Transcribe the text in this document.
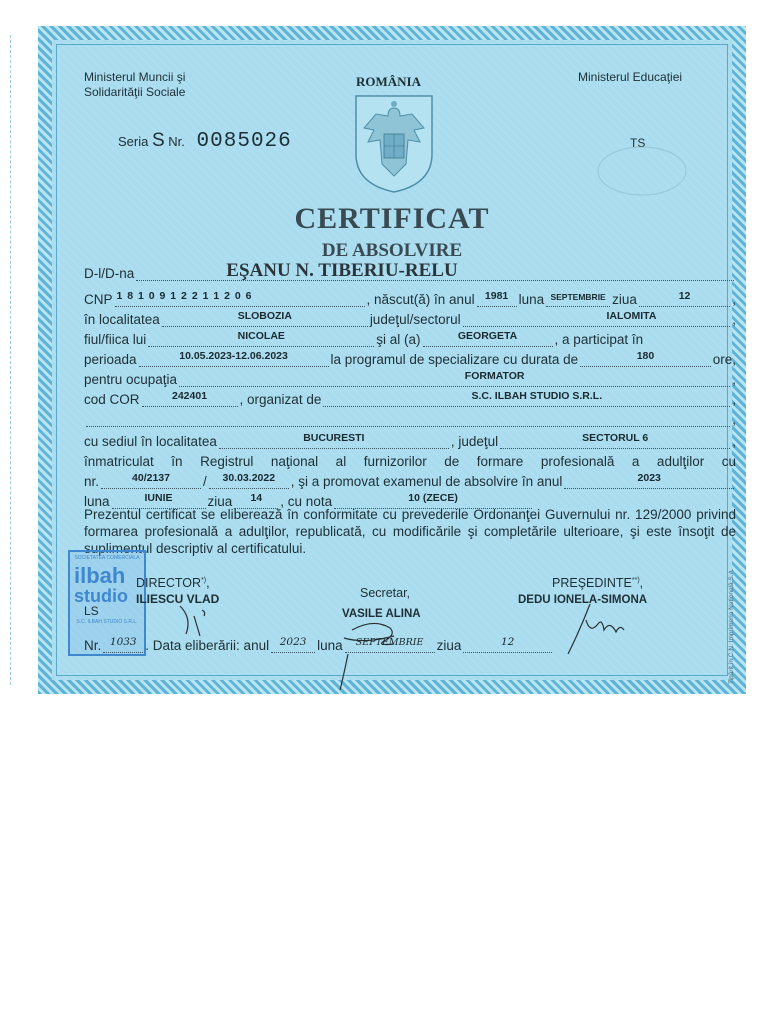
Ministerul Muncii şi
Solidarităţii Sociale
ROMÂNIA	Ministerul Educaţiei
Seria S Nr. 0085026	TS
CERTIFICAT
DE ABSOLVIRE
D-l/D-na	EŞANU N. TIBERIU-RELU
CNP 1 8 1 0 9 1 2 2 1 1 2 0 6	, născut(ă) în anul 1981 luna SEPTEMBRIE ziua	12	,
în localitatea	SLOBOZIA	judeţul/sectorul	IALOMITA	,
fiul/fiica lui	NICOLAE	şi al (a)	GEORGETA	, a participat în
perioada	10.05.2023-12.06.2023	la programul de specializare cu durata de	180	ore,
pentru ocupaţia	FORMATOR	,
cod COR	242401	, organizat de	S.C. ILBAH STUDIO S.R.L.	,
,
cu sediul în localitatea	BUCURESTI	, judeţul	SECTORUL 6	,
înmatriculat în Registrul naţional al furnizorilor de formare profesională a adulţilor cu
nr.	40/2137	/	30.03.2022	, şi a promovat examenul de absolvire în anul	2023
luna	IUNIE	ziua	14	, cu nota	10 (ZECE)
Prezentul certificat se eliberează în conformitate cu prevederile Ordonanţei Guvernului nr. 129/2000 privind formarea profesională a adulţilor, republicată, cu modificările şi completările ulterioare, şi este însoţit de suplimentul descriptiv al certificatului.
SOCIETATEA COMERCIALA
ilbah
studio
S.C. ILBAH STUDIO S.R.L.
DIRECTOR*),
ILIESCU VLAD
LS
Secretar,
VASILE ALINA
PREŞEDINTE**),
DEDU IONELA-SIMONA
Nr. 1033 . Data eliberării: anul	2023 luna	SEPTEMBRIE ziua	12	Tipărit în C.N. Imprimeria Naţională S.A.
